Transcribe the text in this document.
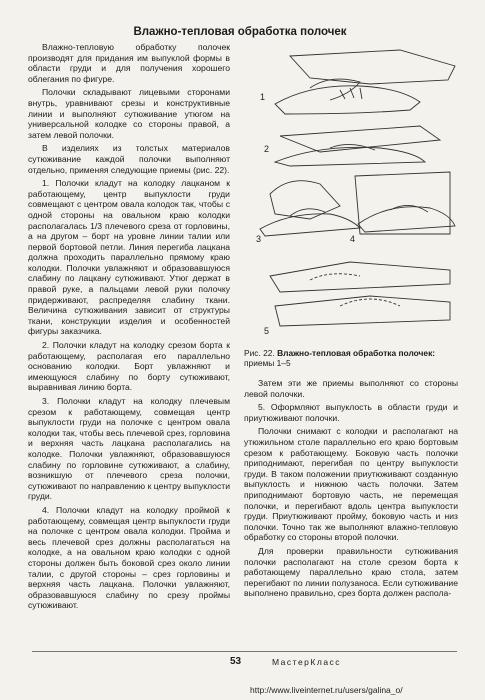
Влажно-тепловая обработка полочек

Влажно-тепловую обработку полочек производят для придания им выпуклой формы в области груди и для получения хорошего облегания по фигуре.

Полочки складывают лицевыми сторонами внутрь, уравнивают срезы и конструктивные линии и выполняют сутюживание утюгом на универсальной колодке со стороны правой, а затем левой полочки.

В изделиях из толстых материалов сутюживание каждой полочки выполняют отдельно, применяя следующие приемы (рис. 22).

1. Полочки кладут на колодку лацканом к работающему, центр выпуклости груди совмещают с центром овала колодок так, чтобы с одной стороны на овальном краю колодки располагалась 1/3 плечевого среза от горловины, а на другом – борт на уровне линии талии или первой бортовой петли. Линия перегиба лацкана должна проходить параллельно прямому краю колодки. Полочки увлажняют и образовавшуюся слабину по лацкану сутюживают. Утюг держат в правой руке, а пальцами левой руки полочку придерживают, распределяя слабину ткани. Величина сутюживания зависит от структуры ткани, конструкции изделия и особенностей фигуры заказчика.

2. Полочки кладут на колодку срезом борта к работающему, располагая его параллельно основанию колодки. Борт увлажняют и имеющуюся слабину по борту сутюживают, выравнивая линию борта.

3. Полочки кладут на колодку плечевым срезом к работающему, совмещая центр выпуклости груди на полочке с центром овала колодки так, чтобы весь плечевой срез, горловина и верхняя часть лацкана располагались на колодке. Полочки увлажняют, образовавшуюся слабину по горловине сутюживают, а слабину, возникшую от плечевого среза полочки, сутюживают по направлению к центру выпуклости груди.

4. Полочки кладут на колодку проймой к работающему, совмещая центр выпуклости груди на полочке с центром овала колодки. Пройма и весь плечевой срез должны располагаться на колодке, а на овальном краю колодки с одной стороны должен быть боковой срез около линии талии, с другой стороны – срез горловины и верхняя часть лацкана. Полочки увлажняют, образовавшуюся слабину по срезу проймы сутюживают.

1
2
3	4
5
Рис. 22. Влажно-тепловая обработка полочек: приемы 1–5

Затем эти же приемы выполняют со стороны левой полочки.

5. Оформляют выпуклость в области груди и приутюживают полочки.

Полочки снимают с колодки и располагают на утюжильном столе параллельно его краю бортовым срезом к работающему. Боковую часть полочки приподнимают, перегибая по центру выпуклости груди. В таком положении приутюживают созданную выпуклость и нижнюю часть полочки. Затем приподнимают бортовую часть, не перемещая полочки, и перегибают вдоль центра выпуклости груди. Приутюживают пройму, боковую часть и низ полочки. Точно так же выполняют влажно-тепловую обработку со стороны второй полочки.

Для проверки правильности сутюживания полочки располагают на столе срезом борта к работающему параллельно краю стола, затем перегибают по линии полузаноса. Если сутюживание выполнено правильно, срез борта должен распола-

53	МастерКласс
http://www.liveinternet.ru/users/galina_o/
